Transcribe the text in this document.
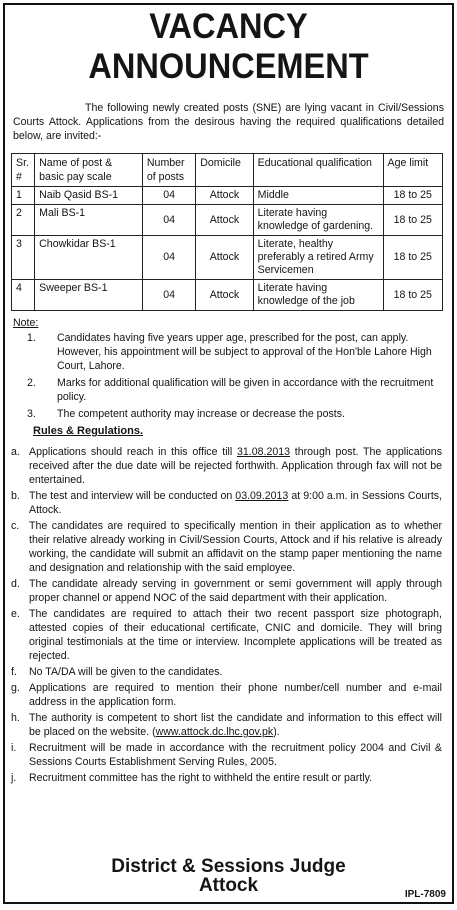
VACANCY ANNOUNCEMENT

The following newly created posts (SNE) are lying vacant in Civil/Sessions Courts Attock. Applications from the desirous having the required qualifications detailed below, are invited:-

Sr. #	Name of post & basic pay scale	Number of posts	Domicile	Educational qualification	Age limit
1	Naib Qasid BS-1	04	Attock	Middle	18 to 25
2	Mali BS-1	04	Attock	Literate having knowledge of gardening.	18 to 25
3	Chowkidar BS-1	04	Attock	Literate, healthy preferably a retired Army Servicemen	18 to 25
4	Sweeper BS-1	04	Attock	Literate having knowledge of the job	18 to 25
Note:
1. Candidates having five years upper age, prescribed for the post, can apply. However, his appointment will be subject to approval of the Hon'ble Lahore High Court, Lahore.
2. Marks for additional qualification will be given in accordance with the recruitment policy.
3. The competent authority may increase or decrease the posts.
Rules & Regulations.
a. Applications should reach in this office till 31.08.2013 through post. The applications received after the due date will be rejected forthwith. Application through fax will not be entertained.
b. The test and interview will be conducted on 03.09.2013 at 9:00 a.m. in Sessions Courts, Attock.
c. The candidates are required to specifically mention in their application as to whether their relative already working in Civil/Session Courts, Attock and if his relative is already working, the candidate will submit an affidavit on the stamp paper mentioning the name and designation and relationship with the said employee.
d. The candidate already serving in government or semi government will apply through proper channel or append NOC of the said department with their application.
e. The candidates are required to attach their two recent passport size photograph, attested copies of their educational certificate, CNIC and domicile. They will bring original testimonials at the time or interview. Incomplete applications will be treated as rejected.
f. No TA/DA will be given to the candidates.
g. Applications are required to mention their phone number/cell number and e-mail address in the application form.
h. The authority is competent to short list the candidate and information to this effect will be placed on the website. (www.attock.dc.lhc.gov.pk).
i. Recruitment will be made in accordance with the recruitment policy 2004 and Civil & Sessions Courts Establishment Serving Rules, 2005.
j. Recruitment committee has the right to withheld the entire result or partly.
District & Sessions Judge
Attock	IPL-7809
